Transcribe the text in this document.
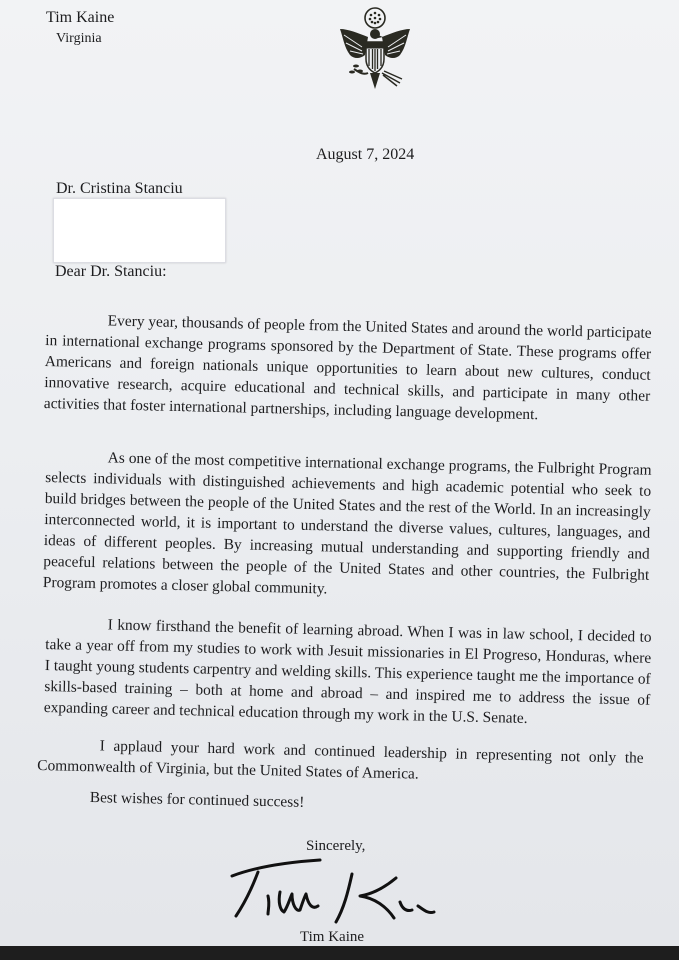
Tim Kaine
Virginia
August 7, 2024
Dr. Cristina Stanciu
Dear Dr. Stanciu:

Every year, thousands of people from the United States and around the world participate in international exchange programs sponsored by the Department of State. These programs offer Americans and foreign nationals unique opportunities to learn about new cultures, conduct innovative research, acquire educational and technical skills, and participate in many other activities that foster international partnerships, including language development.

As one of the most competitive international exchange programs, the Fulbright Program selects individuals with distinguished achievements and high academic potential who seek to build bridges between the people of the United States and the rest of the World. In an increasingly interconnected world, it is important to understand the diverse values, cultures, languages, and ideas of different peoples. By increasing mutual understanding and supporting friendly and peaceful relations between the people of the United States and other countries, the Fulbright Program promotes a closer global community.

I know firsthand the benefit of learning abroad. When I was in law school, I decided to take a year off from my studies to work with Jesuit missionaries in El Progreso, Honduras, where I taught young students carpentry and welding skills. This experience taught me the importance of skills-based training – both at home and abroad – and inspired me to address the issue of expanding career and technical education through my work in the U.S. Senate.

I applaud your hard work and continued leadership in representing not only the Commonwealth of Virginia, but the United States of America.

Best wishes for continued success!
Sincerely,
Tim Kaine
